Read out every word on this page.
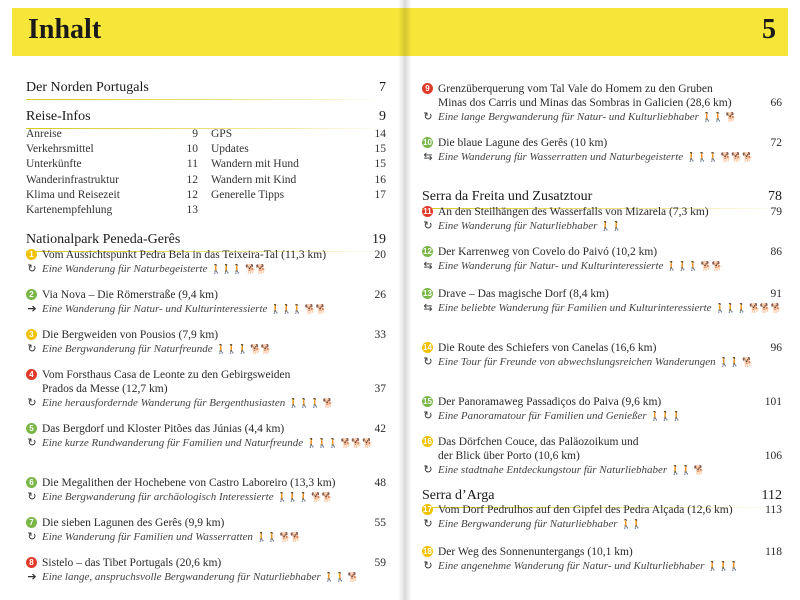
Inhalt	5
Der Norden Portugals	7
Reise-Infos	9
Anreise	9 GPS	14
Verkehrsmittel	10 Updates	15
Unterkünfte	11 Wandern mit Hund	15
Wanderinfrastruktur	12 Wandern mit Kind	16
Klima und Reisezeit	12 Generelle Tipps	17
Kartenempfehlung	13
Nationalpark Peneda-Gerês	19
1 Vom Aussichtspunkt Pedra Bela in das Teixeira-Tal (11,3 km)	20
↻ Eine Wanderung für Naturbegeisterte 🚶🚶🚶 🐕🐕
2 Via Nova – Die Römerstraße (9,4 km)	26
➔ Eine Wanderung für Natur- und Kulturinteressierte 🚶🚶🚶 🐕🐕
3 Die Bergweiden von Pousios (7,9 km)	33
↻ Eine Bergwanderung für Naturfreunde 🚶🚶🚶 🐕🐕
4 Vom Forsthaus Casa de Leonte zu den Gebirgsweiden
Prados da Messe (12,7 km)	37
↻ Eine herausfordernde Wanderung für Bergenthusiasten 🚶🚶🚶 🐕
5 Das Bergdorf und Kloster Pitões das Júnias (4,4 km)	42
↻ Eine kurze Rundwanderung für Familien und Naturfreunde 🚶🚶🚶 🐕🐕🐕
6 Die Megalithen der Hochebene von Castro Laboreiro (13,3 km)	48
↻ Eine Bergwanderung für archäologisch Interessierte 🚶🚶🚶 🐕🐕
7 Die sieben Lagunen des Gerês (9,9 km)	55
↻ Eine Wanderung für Familien und Wasserratten 🚶🚶 🐕🐕
8 Sistelo – das Tibet Portugals (20,6 km)	59
➔ Eine lange, anspruchsvolle Bergwanderung für Naturliebhaber 🚶🚶 🐕
9 Grenzüberquerung vom Tal Vale do Homem zu den Gruben
Minas dos Carris und Minas das Sombras in Galicien (28,6 km)	66
↻ Eine lange Bergwanderung für Natur- und Kulturliebhaber 🚶🚶 🐕
10 Die blaue Lagune des Gerês (10 km)	72
⇆ Eine Wanderung für Wasserratten und Naturbegeisterte 🚶🚶🚶 🐕🐕🐕
Serra da Freita und Zusatztour	78
11 An den Steilhängen des Wasserfalls von Mizarela (7,3 km)	79
↻ Eine Wanderung für Naturliebhaber 🚶🚶
12 Der Karrenweg von Covelo do Paivó (10,2 km)	86
⇆ Eine Wanderung für Natur- und Kulturinteressierte 🚶🚶🚶 🐕🐕
13 Drave – Das magische Dorf (8,4 km)	91
⇆ Eine beliebte Wanderung für Familien und Kulturinteressierte 🚶🚶🚶 🐕🐕🐕
14 Die Route des Schiefers von Canelas (16,6 km)	96
↻ Eine Tour für Freunde von abwechslungsreichen Wanderungen 🚶🚶 🐕
15 Der Panoramaweg Passadiços do Paiva (9,6 km)	101
↻ Eine Panoramatour für Familien und Genießer 🚶🚶🚶
16 Das Dörfchen Couce, das Paläozoikum und
der Blick über Porto (10,6 km)	106
↻ Eine stadtnahe Entdeckungstour für Naturliebhaber 🚶🚶 🐕
Serra d’Arga	112
17 Vom Dorf Pedrulhos auf den Gipfel des Pedra Alçada (12,6 km)	113
↻ Eine Bergwanderung für Naturliebhaber 🚶🚶
18 Der Weg des Sonnenuntergangs (10,1 km)	118
↻ Eine angenehme Wanderung für Natur- und Kulturliebhaber 🚶🚶🚶
